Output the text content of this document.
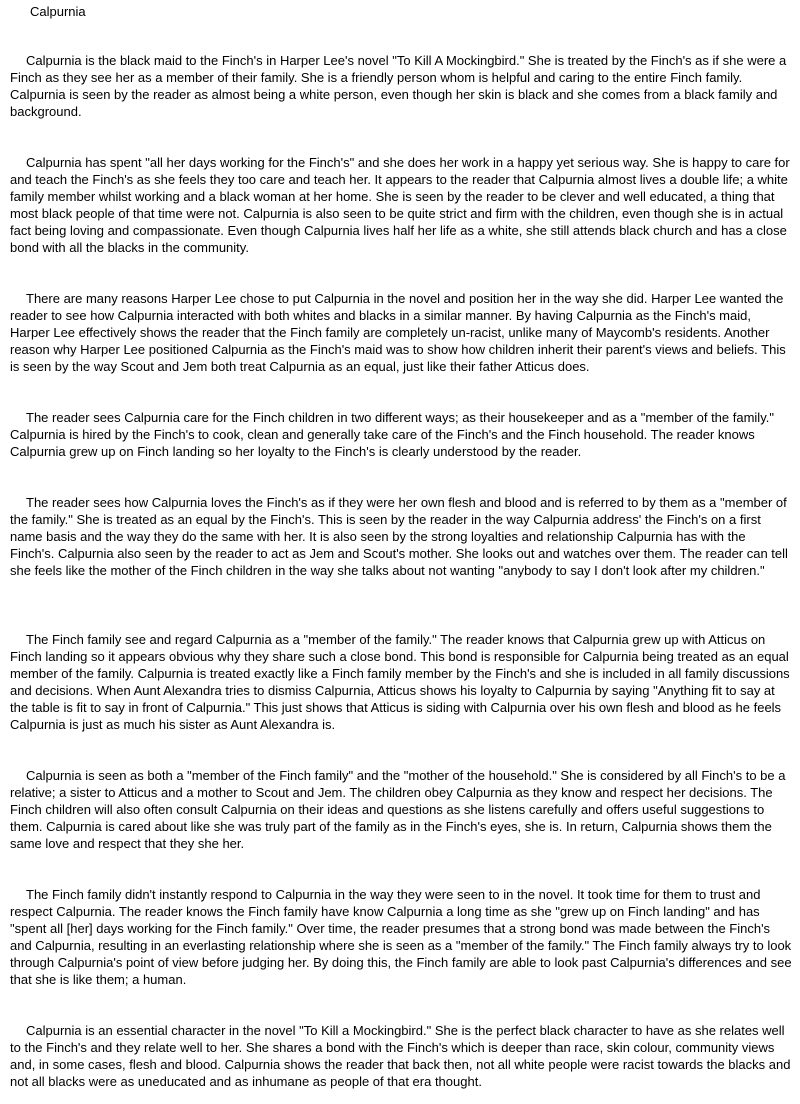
Calpurnia

Calpurnia is the black maid to the Finch's in Harper Lee's novel "To Kill A Mockingbird." She is treated by the Finch's as if she were a Finch as they see her as a member of their family. She is a friendly person whom is helpful and caring to the entire Finch family. Calpurnia is seen by the reader as almost being a white person, even though her skin is black and she comes from a black family and background.

Calpurnia has spent "all her days working for the Finch's" and she does her work in a happy yet serious way. She is happy to care for and teach the Finch's as she feels they too care and teach her. It appears to the reader that Calpurnia almost lives a double life; a white family member whilst working and a black woman at her home. She is seen by the reader to be clever and well educated, a thing that most black people of that time were not. Calpurnia is also seen to be quite strict and firm with the children, even though she is in actual fact being loving and compassionate. Even though Calpurnia lives half her life as a white, she still attends black church and has a close bond with all the blacks in the community.

There are many reasons Harper Lee chose to put Calpurnia in the novel and position her in the way she did. Harper Lee wanted the reader to see how Calpurnia interacted with both whites and blacks in a similar manner. By having Calpurnia as the Finch's maid, Harper Lee effectively shows the reader that the Finch family are completely un-racist, unlike many of Maycomb's residents. Another reason why Harper Lee positioned Calpurnia as the Finch's maid was to show how children inherit their parent's views and beliefs. This is seen by the way Scout and Jem both treat Calpurnia as an equal, just like their father Atticus does.

The reader sees Calpurnia care for the Finch children in two different ways; as their housekeeper and as a "member of the family." Calpurnia is hired by the Finch's to cook, clean and generally take care of the Finch's and the Finch household. The reader knows Calpurnia grew up on Finch landing so her loyalty to the Finch's is clearly understood by the reader.

The reader sees how Calpurnia loves the Finch's as if they were her own flesh and blood and is referred to by them as a "member of the family." She is treated as an equal by the Finch's. This is seen by the reader in the way Calpurnia address' the Finch's on a first name basis and the way they do the same with her. It is also seen by the strong loyalties and relationship Calpurnia has with the Finch's. Calpurnia also seen by the reader to act as Jem and Scout's mother. She looks out and watches over them. The reader can tell she feels like the mother of the Finch children in the way she talks about not wanting "anybody to say I don't look after my children."

The Finch family see and regard Calpurnia as a "member of the family." The reader knows that Calpurnia grew up with Atticus on Finch landing so it appears obvious why they share such a close bond. This bond is responsible for Calpurnia being treated as an equal member of the family. Calpurnia is treated exactly like a Finch family member by the Finch's and she is included in all family discussions and decisions. When Aunt Alexandra tries to dismiss Calpurnia, Atticus shows his loyalty to Calpurnia by saying "Anything fit to say at the table is fit to say in front of Calpurnia." This just shows that Atticus is siding with Calpurnia over his own flesh and blood as he feels Calpurnia is just as much his sister as Aunt Alexandra is.

Calpurnia is seen as both a "member of the Finch family" and the "mother of the household." She is considered by all Finch's to be a relative; a sister to Atticus and a mother to Scout and Jem. The children obey Calpurnia as they know and respect her decisions. The Finch children will also often consult Calpurnia on their ideas and questions as she listens carefully and offers useful suggestions to them. Calpurnia is cared about like she was truly part of the family as in the Finch's eyes, she is. In return, Calpurnia shows them the same love and respect that they she her.

The Finch family didn't instantly respond to Calpurnia in the way they were seen to in the novel. It took time for them to trust and respect Calpurnia. The reader knows the Finch family have know Calpurnia a long time as she "grew up on Finch landing" and has "spent all [her] days working for the Finch family." Over time, the reader presumes that a strong bond was made between the Finch's and Calpurnia, resulting in an everlasting relationship where she is seen as a "member of the family." The Finch family always try to look through Calpurnia's point of view before judging her. By doing this, the Finch family are able to look past Calpurnia's differences and see that she is like them; a human.

Calpurnia is an essential character in the novel "To Kill a Mockingbird." She is the perfect black character to have as she relates well to the Finch's and they relate well to her. She shares a bond with the Finch's which is deeper than race, skin colour, community views and, in some cases, flesh and blood. Calpurnia shows the reader that back then, not all white people were racist towards the blacks and not all blacks were as uneducated and as inhumane as people of that era thought.
